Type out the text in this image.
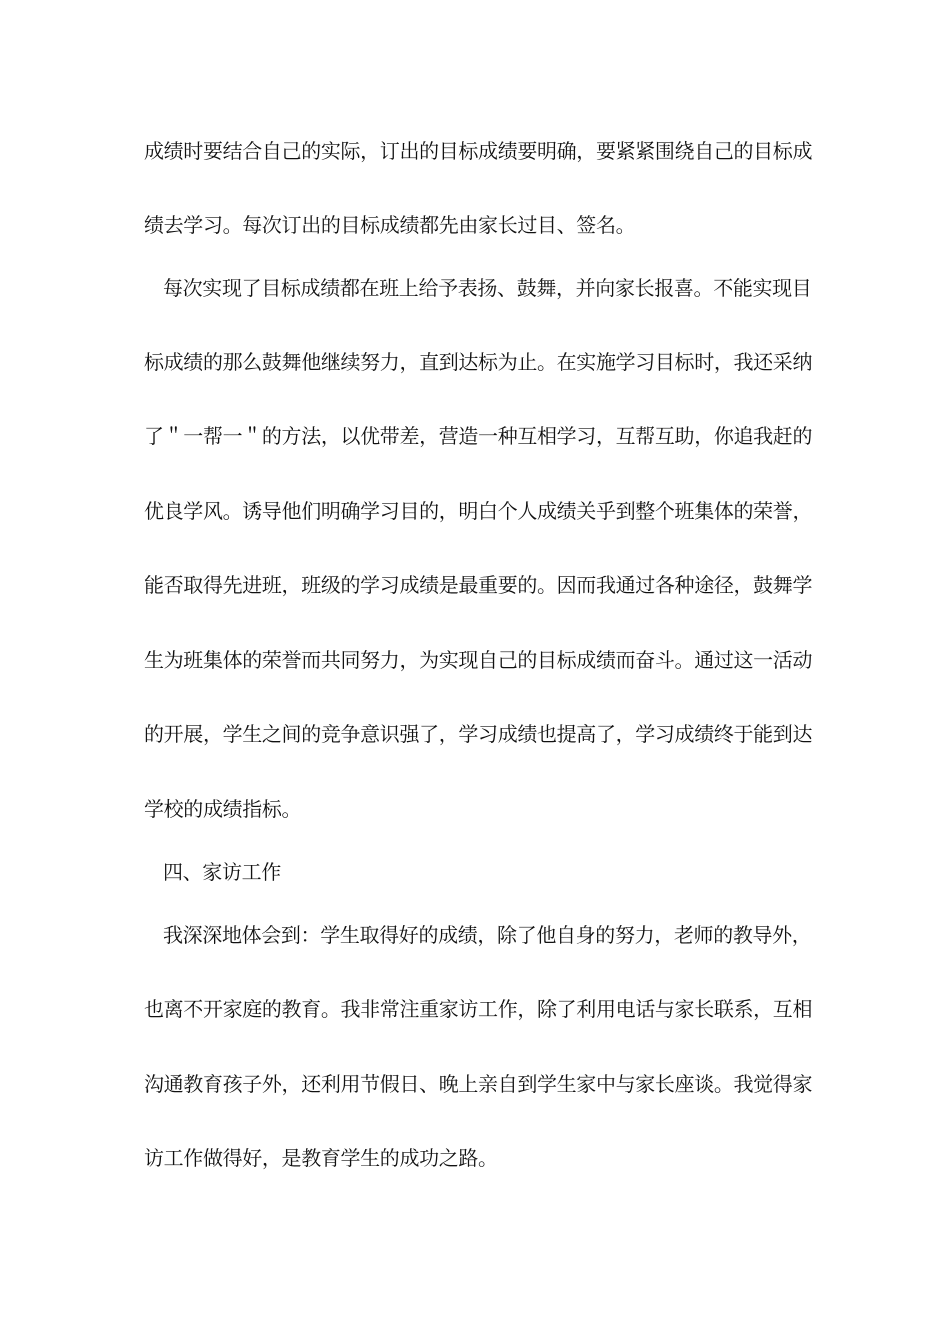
成绩时要结合自己的实际，订出的目标成绩要明确，要紧紧围绕自己的目标成
绩去学习。每次订出的目标成绩都先由家长过目、签名。
每次实现了目标成绩都在班上给予表扬、鼓舞，并向家长报喜。不能实现目
标成绩的那么鼓舞他继续努力，直到达标为止。在实施学习目标时，我还采纳
了＂一帮一＂的方法，以优带差，营造一种互相学习，互帮互助，你追我赶的
优良学风。诱导他们明确学习目的，明白个人成绩关乎到整个班集体的荣誉，
能否取得先进班，班级的学习成绩是最重要的。因而我通过各种途径，鼓舞学
生为班集体的荣誉而共同努力，为实现自己的目标成绩而奋斗。通过这一活动
的开展，学生之间的竞争意识强了，学习成绩也提高了，学习成绩终于能到达
学校的成绩指标。
四、家访工作
我深深地体会到：学生取得好的成绩，除了他自身的努力，老师的教导外，
也离不开家庭的教育。我非常注重家访工作，除了利用电话与家长联系，互相
沟通教育孩子外，还利用节假日、晚上亲自到学生家中与家长座谈。我觉得家
访工作做得好，是教育学生的成功之路。
